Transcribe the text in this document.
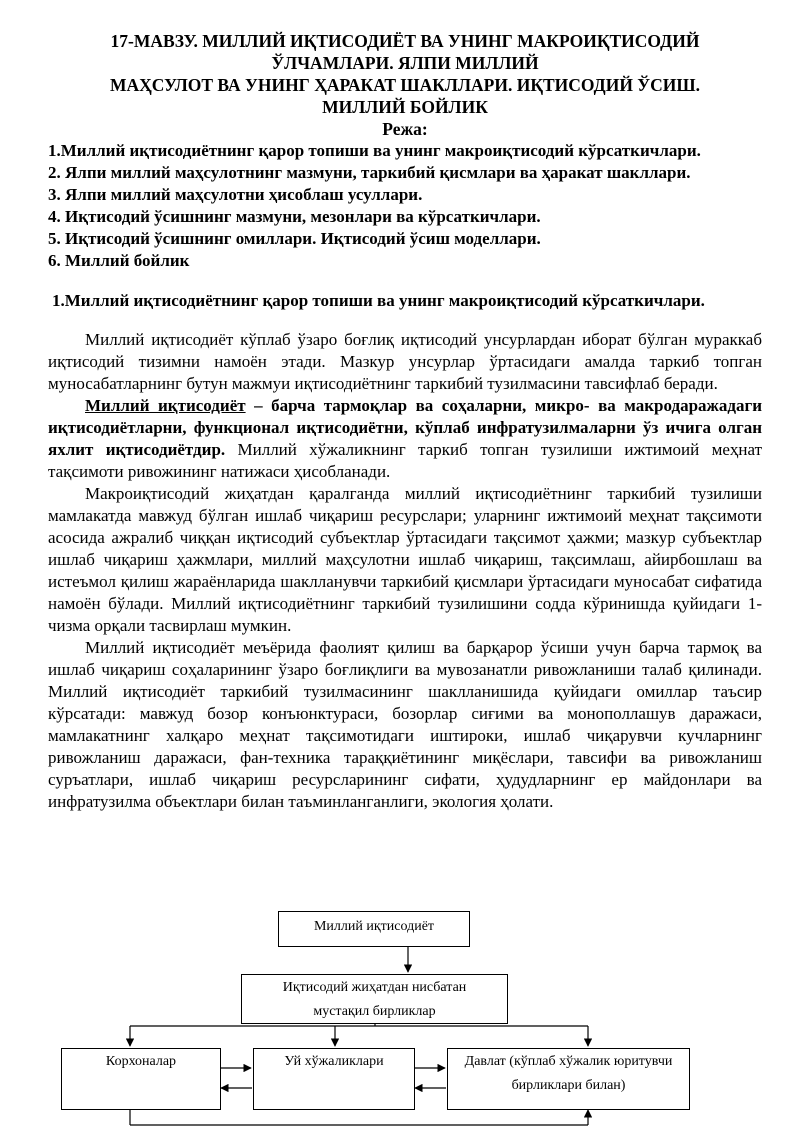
17-МАВЗУ. МИЛЛИЙ ИҚТИСОДИЁТ ВА УНИНГ МАКРОИҚТИСОДИЙ

ЎЛЧАМЛАРИ. ЯЛПИ МИЛЛИЙ

МАҲСУЛОТ ВА УНИНГ ҲАРАКАТ ШАКЛЛАРИ. ИҚТИСОДИЙ ЎСИШ.

МИЛЛИЙ БОЙЛИК

Режа:

1.Миллий иқтисодиётнинг қарор топиши ва унинг макроиқтисодий кўрсаткичлари.

2. Ялпи миллий маҳсулотнинг мазмуни, таркибий қисмлари ва ҳаракат шакллари.

3. Ялпи миллий маҳсулотни ҳисоблаш усуллари.

4. Иқтисодий ўсишнинг мазмуни, мезонлари ва кўрсаткичлари.

5. Иқтисодий ўсишнинг омиллари. Иқтисодий ўсиш моделлари.

6. Миллий бойлик

1.Миллий иқтисодиётнинг қарор топиши ва унинг макроиқтисодий кўрсаткичлари.

Миллий иқтисодиёт кўплаб ўзаро боғлиқ иқтисодий унсурлардан иборат бўлган мураккаб иқтисодий тизимни намоён этади. Мазкур унсурлар ўртасидаги амалда таркиб топган муносабатларнинг бутун мажмуи иқтисодиётнинг таркибий тузилмасини тавсифлаб беради.

Миллий иқтисодиёт – барча тармоқлар ва соҳаларни, микро- ва макродаражадаги иқтисодиётларни, функционал иқтисодиётни, кўплаб инфратузилмаларни ўз ичига олган яхлит иқтисодиётдир. Миллий хўжаликнинг таркиб топган тузилиши ижтимоий меҳнат тақсимоти ривожининг натижаси ҳисобланади.

Макроиқтисодий жиҳатдан қаралганда миллий иқтисодиётнинг таркибий тузилиши мамлакатда мавжуд бўлган ишлаб чиқариш ресурслари; уларнинг ижтимоий меҳнат тақсимоти асосида ажралиб чиққан иқтисодий субъектлар ўртасидаги тақсимот ҳажми; мазкур субъектлар ишлаб чиқариш ҳажмлари, миллий маҳсулотни ишлаб чиқариш, тақсимлаш, айирбошлаш ва истеъмол қилиш жараёнларида шаклланувчи таркибий қисмлари ўртасидаги муносабат сифатида намоён бўлади. Миллий иқтисодиётнинг таркибий тузилишини содда кўринишда қуйидаги 1-чизма орқали тасвирлаш мумкин.

Миллий иқтисодиёт меъёрида фаолият қилиш ва барқарор ўсиши учун барча тармоқ ва ишлаб чиқариш соҳаларининг ўзаро боғлиқлиги ва мувозанатли ривожланиши талаб қилинади. Миллий иқтисодиёт таркибий тузилмасининг шаклланишида қуйидаги омиллар таъсир кўрсатади: мавжуд бозор конъюнктураси, бозорлар сиғими ва монополлашув даражаси, мамлакатнинг халқаро меҳнат тақсимотидаги иштироки, ишлаб чиқарувчи кучларнинг ривожланиш даражаси, фан-техника тараққиётининг миқёслари, тавсифи ва ривожланиш суръатлари, ишлаб чиқариш ресурсларининг сифати, ҳудудларнинг ер майдонлари ва инфратузилма объектлари билан таъминланганлиги, экология ҳолати.

Миллий иқтисодиёт
Иқтисодий жиҳатдан нисбатан
мустақил бирликлар
Корхоналар	Уй хўжаликлари	Давлат (кўплаб хўжалик юритувчи
бирликлари билан)
